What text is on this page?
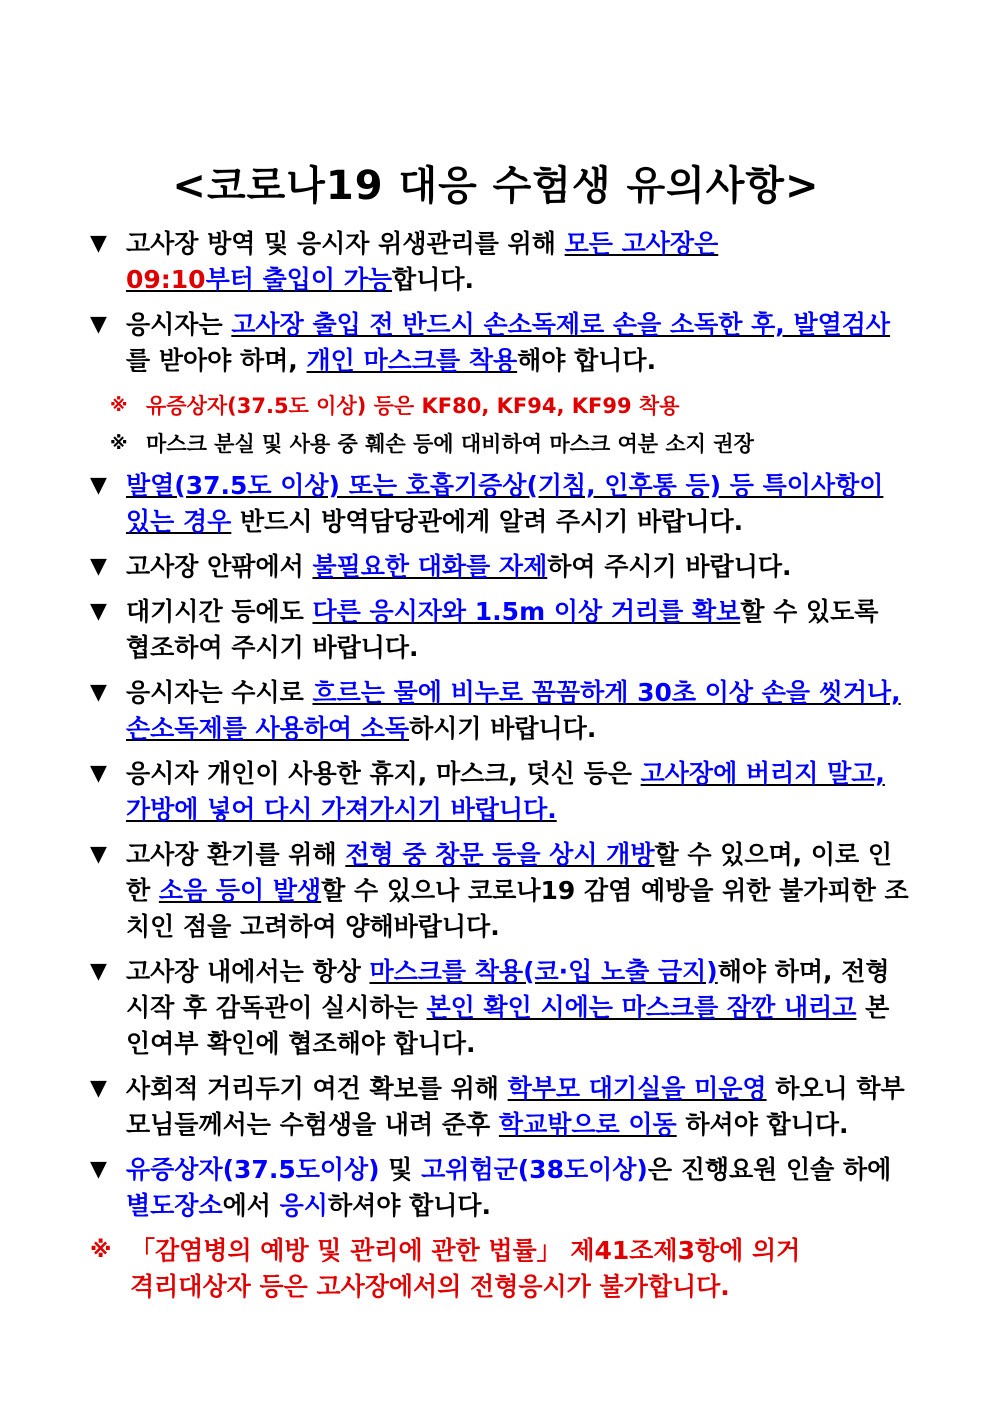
<코로나19 대응 수험생 유의사항>
▼ 고사장 방역 및 응시자 위생관리를 위해 모든 고사장은
09:10부터 출입이 가능합니다.
▼ 응시자는 고사장 출입 전 반드시 손소독제로 손을 소독한 후, 발열검사를 받아야 하며, 개인 마스크를 착용해야 합니다.
※ 유증상자(37.5도 이상) 등은 KF80, KF94, KF99 착용
※ 마스크 분실 및 사용 중 훼손 등에 대비하여 마스크 여분 소지 권장
▼ 발열(37.5도 이상) 또는 호흡기증상(기침, 인후통 등) 등 특이사항이 있는 경우 반드시 방역담당관에게 알려 주시기 바랍니다.
▼ 고사장 안팎에서 불필요한 대화를 자제하여 주시기 바랍니다.
▼ 대기시간 등에도 다른 응시자와 1.5m 이상 거리를 확보할 수 있도록 협조하여 주시기 바랍니다.
▼ 응시자는 수시로 흐르는 물에 비누로 꼼꼼하게 30초 이상 손을 씻거나, 손소독제를 사용하여 소독하시기 바랍니다.
▼ 응시자 개인이 사용한 휴지, 마스크, 덧신 등은 고사장에 버리지 말고, 가방에 넣어 다시 가져가시기 바랍니다.
▼ 고사장 환기를 위해 전형 중 창문 등을 상시 개방할 수 있으며, 이로 인한 소음 등이 발생할 수 있으나 코로나19 감염 예방을 위한 불가피한 조치인 점을 고려하여 양해바랍니다.
▼ 고사장 내에서는 항상 마스크를 착용(코·입 노출 금지)해야 하며, 전형 시작 후 감독관이 실시하는 본인 확인 시에는 마스크를 잠깐 내리고 본인여부 확인에 협조해야 합니다.
▼ 사회적 거리두기 여건 확보를 위해 학부모 대기실을 미운영 하오니 학부모님들께서는 수험생을 내려 준후 학교밖으로 이동 하셔야 합니다.
▼ 유증상자(37.5도이상) 및 고위험군(38도이상)은 진행요원 인솔 하에 별도장소에서 응시하셔야 합니다.
※ 「감염병의 예방 및 관리에 관한 법률」 제41조제3항에 의거
격리대상자 등은 고사장에서의 전형응시가 불가합니다.
